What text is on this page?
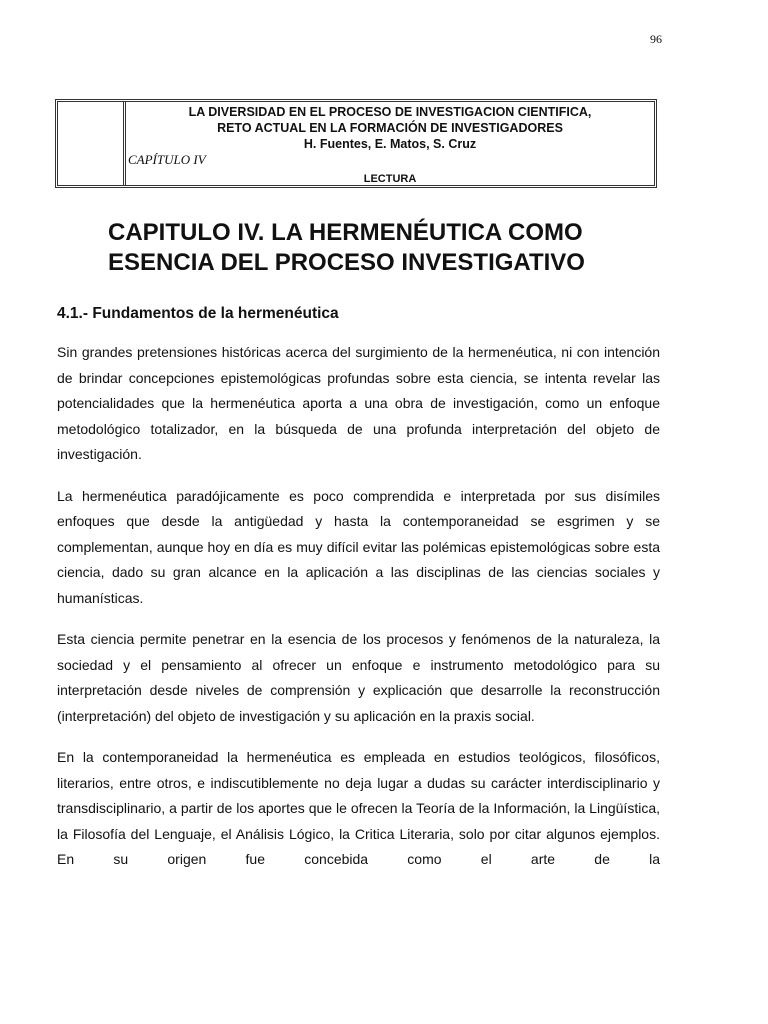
96
LA DIVERSIDAD EN EL PROCESO DE INVESTIGACION CIENTIFICA,
RETO ACTUAL EN LA FORMACIÓN DE INVESTIGADORES
H. Fuentes, E. Matos, S. Cruz
CAPÍTULO IV
LECTURA
CAPITULO IV. LA HERMENÉUTICA COMO
ESENCIA DEL PROCESO INVESTIGATIVO
4.1.- Fundamentos de la hermenéutica

Sin grandes pretensiones históricas acerca del surgimiento de la hermenéutica, ni con intención de brindar concepciones epistemológicas profundas sobre esta ciencia, se intenta revelar las potencialidades que la hermenéutica aporta a una obra de investigación, como un enfoque metodológico totalizador, en la búsqueda de una profunda interpretación del objeto de investigación.

La hermenéutica paradójicamente es poco comprendida e interpretada por sus disímiles enfoques que desde la antigüedad y hasta la contemporaneidad se esgrimen y se complementan, aunque hoy en día es muy difícil evitar las polémicas epistemológicas sobre esta ciencia, dado su gran alcance en la aplicación a las disciplinas de las ciencias sociales y humanísticas.

Esta ciencia permite penetrar en la esencia de los procesos y fenómenos de la naturaleza, la sociedad y el pensamiento al ofrecer un enfoque e instrumento metodológico para su interpretación desde niveles de comprensión y explicación que desarrolle la reconstrucción (interpretación) del objeto de investigación y su aplicación en la praxis social.

En la contemporaneidad la hermenéutica es empleada en estudios teológicos, filosóficos, literarios, entre otros, e indiscutiblemente no deja lugar a dudas su carácter interdisciplinario y transdisciplinario, a partir de los aportes que le ofrecen la Teoría de la Información, la Lingüística, la Filosofía del Lenguaje, el Análisis Lógico, la Critica Literaria, solo por citar algunos ejemplos. En su origen fue concebida como el arte de la
